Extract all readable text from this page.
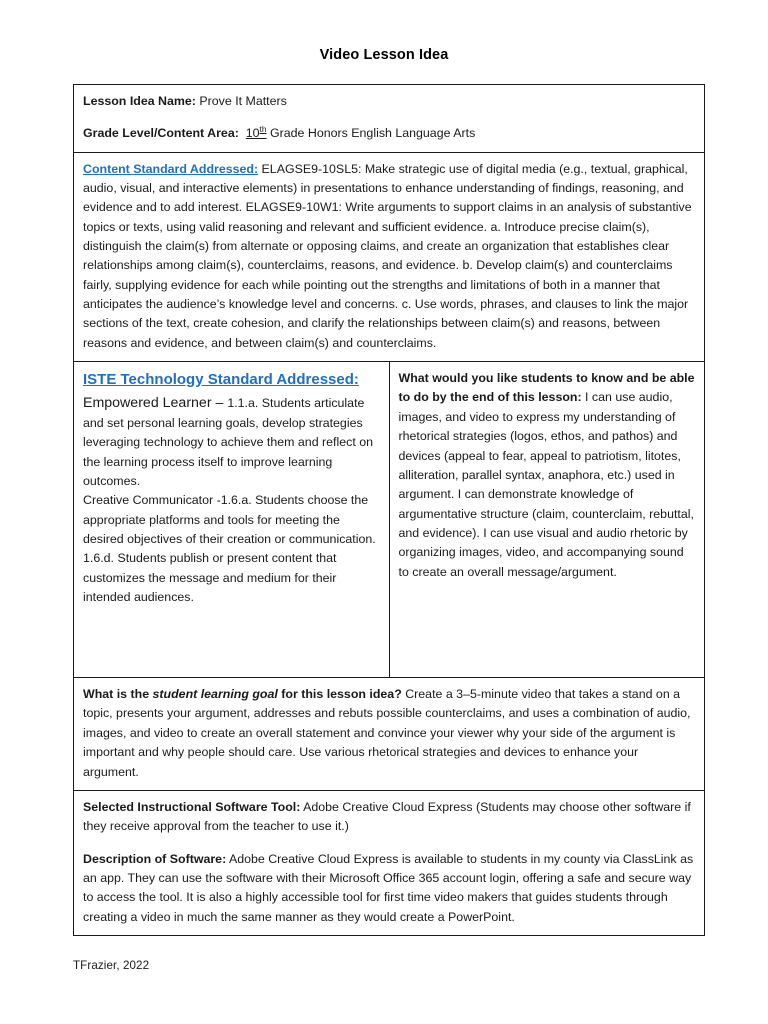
Video Lesson Idea

Lesson Idea Name: Prove It Matters

Grade Level/Content Area: 10th Grade Honors English Language Arts

Content Standard Addressed: ELAGSE9-10SL5: Make strategic use of digital media (e.g., textual, graphical, audio, visual, and interactive elements) in presentations to enhance understanding of findings, reasoning, and evidence and to add interest. ELAGSE9-10W1: Write arguments to support claims in an analysis of substantive topics or texts, using valid reasoning and relevant and sufficient evidence. a. Introduce precise claim(s), distinguish the claim(s) from alternate or opposing claims, and create an organization that establishes clear relationships among claim(s), counterclaims, reasons, and evidence. b. Develop claim(s) and counterclaims fairly, supplying evidence for each while pointing out the strengths and limitations of both in a manner that anticipates the audience’s knowledge level and concerns. c. Use words, phrases, and clauses to link the major sections of the text, create cohesion, and clarify the relationships between claim(s) and reasons, between reasons and evidence, and between claim(s) and counterclaims.

ISTE Technology Standard Addressed:

Empowered Learner – 1.1.a. Students articulate and set personal learning goals, develop strategies leveraging technology to achieve them and reflect on the learning process itself to improve learning outcomes.

Creative Communicator -1.6.a. Students choose the appropriate platforms and tools for meeting the desired objectives of their creation or communication.

1.6.d. Students publish or present content that customizes the message and medium for their intended audiences.

What would you like students to know and be able to do by the end of this lesson: I can use audio, images, and video to express my understanding of rhetorical strategies (logos, ethos, and pathos) and devices (appeal to fear, appeal to patriotism, litotes, alliteration, parallel syntax, anaphora, etc.) used in argument. I can demonstrate knowledge of argumentative structure (claim, counterclaim, rebuttal, and evidence). I can use visual and audio rhetoric by organizing images, video, and accompanying sound to create an overall message/argument.

What is the student learning goal for this lesson idea? Create a 3–5-minute video that takes a stand on a topic, presents your argument, addresses and rebuts possible counterclaims, and uses a combination of audio, images, and video to create an overall statement and convince your viewer why your side of the argument is important and why people should care. Use various rhetorical strategies and devices to enhance your argument.

Selected Instructional Software Tool: Adobe Creative Cloud Express (Students may choose other software if they receive approval from the teacher to use it.)

Description of Software: Adobe Creative Cloud Express is available to students in my county via ClassLink as an app. They can use the software with their Microsoft Office 365 account login, offering a safe and secure way to access the tool. It is also a highly accessible tool for first time video makers that guides students through creating a video in much the same manner as they would create a PowerPoint.

TFrazier, 2022
